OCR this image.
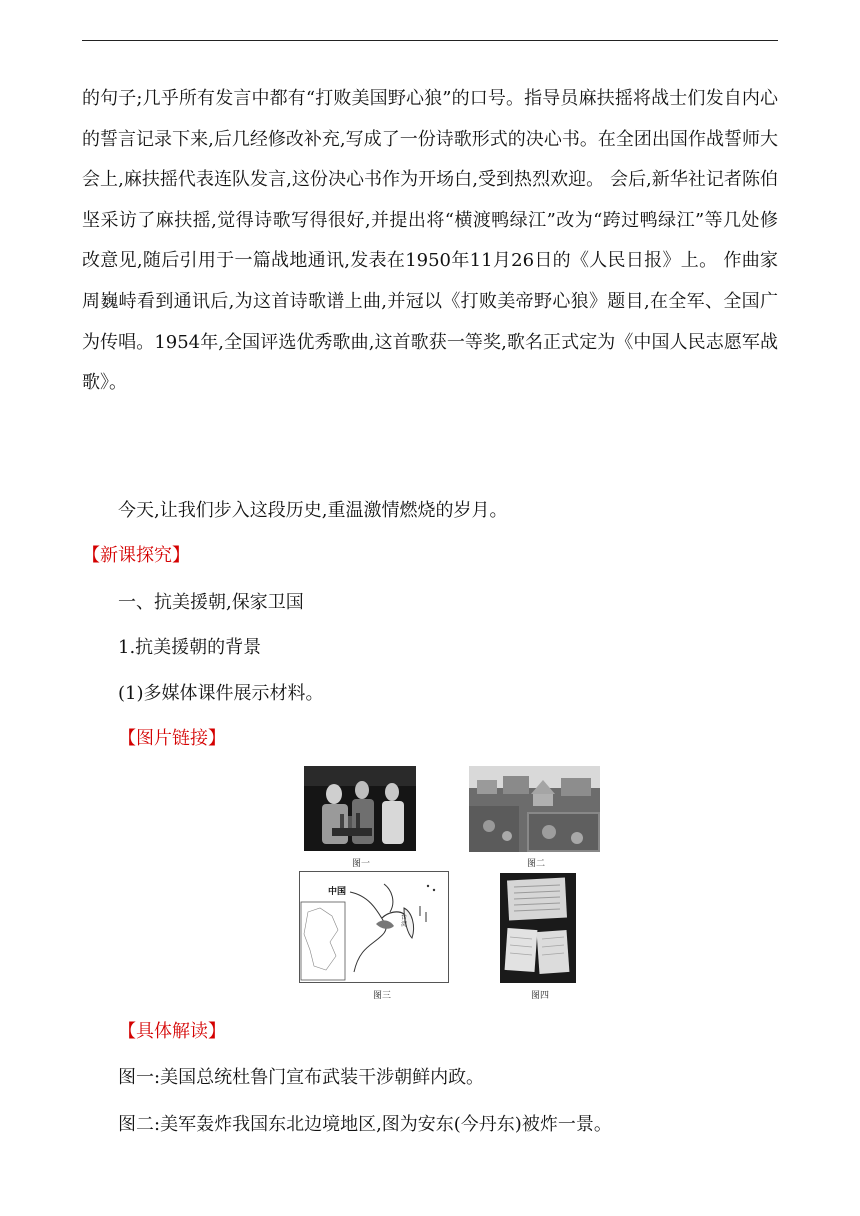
的句子;几乎所有发言中都有“打败美国野心狼”的口号。指导员麻扶摇将战士们发自内心的誓言记录下来,后几经修改补充,写成了一份诗歌形式的决心书。在全团出国作战誓师大会上,麻扶摇代表连队发言,这份决心书作为开场白,受到热烈欢迎。 会后,新华社记者陈伯坚采访了麻扶摇,觉得诗歌写得很好,并提出将“横渡鸭绿江”改为“跨过鸭绿江”等几处修改意见,随后引用于一篇战地通讯,发表在1950年11月26日的《人民日报》上。 作曲家周巍峙看到通讯后,为这首诗歌谱上曲,并冠以《打败美帝野心狼》题目,在全军、全国广为传唱。1954年,全国评选优秀歌曲,这首歌获一等奖,歌名正式定为《中国人民志愿军战歌》。

今天,让我们步入这段历史,重温激情燃烧的岁月。

【新课探究】

一、抗美援朝,保家卫国

1.抗美援朝的背景

(1)多媒体课件展示材料。

【图片链接】

【具体解读】

图一:美国总统杜鲁门宣布武装干涉朝鲜内政。

图二:美军轰炸我国东北边境地区,图为安东(今丹东)被炸一景。

图一	图二
中国
台湾
图三	图四
